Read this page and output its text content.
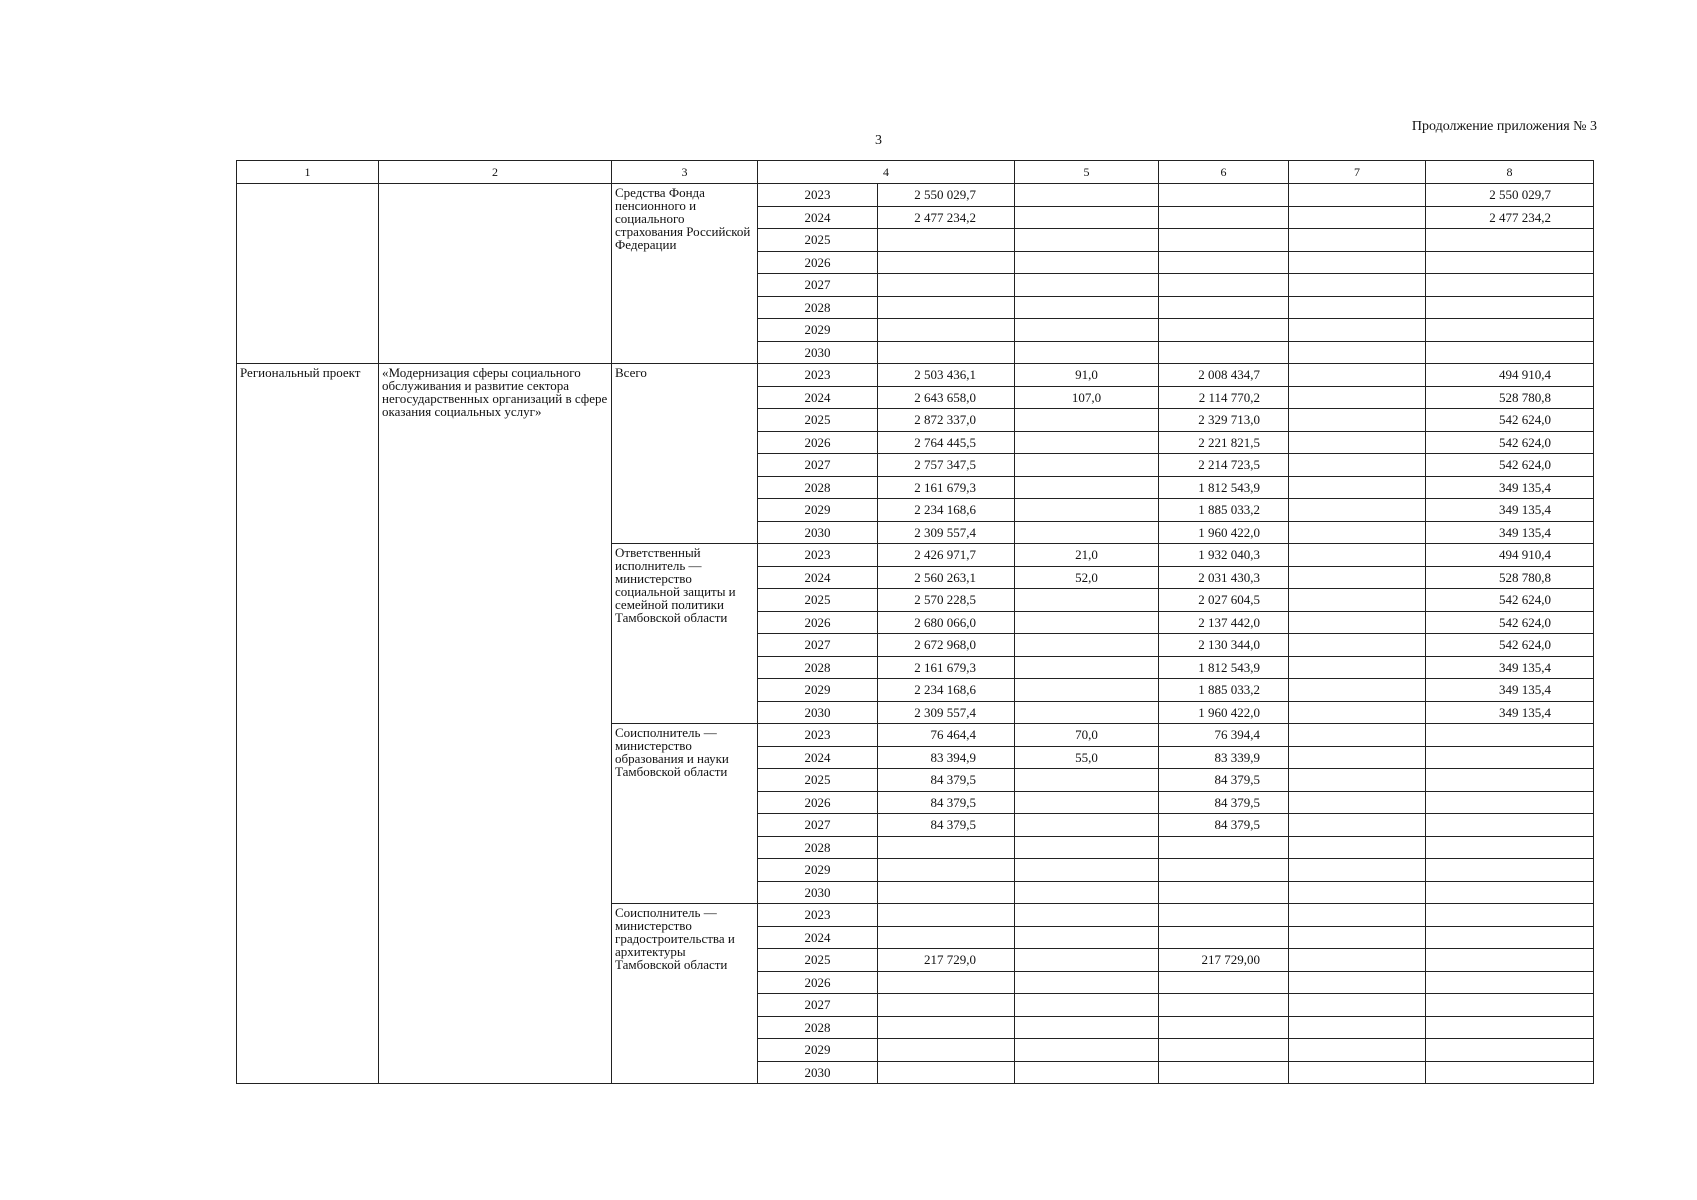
Продолжение приложения № 3
3
1	2	3	4		5	6	7	8
		Средства Фонда пенсионного и социального страхования Российской Федерации	2023	2 550 029,7				2 550 029,7
			2024	2 477 234,2				2 477 234,2
			2025					
			2026					
			2027					
			2028					
			2029					
			2030					
Региональный проект	«Модернизация сферы социального обслуживания и развитие сектора негосударственных организаций в сфере оказания социальных услуг»	Всего	2023	2 503 436,1	91,0	2 008 434,7		494 910,4
			2024	2 643 658,0	107,0	2 114 770,2		528 780,8
			2025	2 872 337,0		2 329 713,0		542 624,0
			2026	2 764 445,5		2 221 821,5		542 624,0
			2027	2 757 347,5		2 214 723,5		542 624,0
			2028	2 161 679,3		1 812 543,9		349 135,4
			2029	2 234 168,6		1 885 033,2		349 135,4
			2030	2 309 557,4		1 960 422,0		349 135,4
		Ответственный исполнитель — министерство социальной защиты и семейной политики Тамбовской области	2023	2 426 971,7	21,0	1 932 040,3		494 910,4
			2024	2 560 263,1	52,0	2 031 430,3		528 780,8
			2025	2 570 228,5		2 027 604,5		542 624,0
			2026	2 680 066,0		2 137 442,0		542 624,0
			2027	2 672 968,0		2 130 344,0		542 624,0
			2028	2 161 679,3		1 812 543,9		349 135,4
			2029	2 234 168,6		1 885 033,2		349 135,4
			2030	2 309 557,4		1 960 422,0		349 135,4
		Соисполнитель — министерство образования и науки Тамбовской области	2023	76 464,4	70,0	76 394,4		
			2024	83 394,9	55,0	83 339,9		
			2025	84 379,5		84 379,5		
			2026	84 379,5		84 379,5		
			2027	84 379,5		84 379,5		
			2028					
			2029					
			2030					
		Соисполнитель — министерство градостроительства и архитектуры Тамбовской области	2023					
			2024					
			2025	217 729,0		217 729,00		
			2026					
			2027					
			2028					
			2029					
			2030					
